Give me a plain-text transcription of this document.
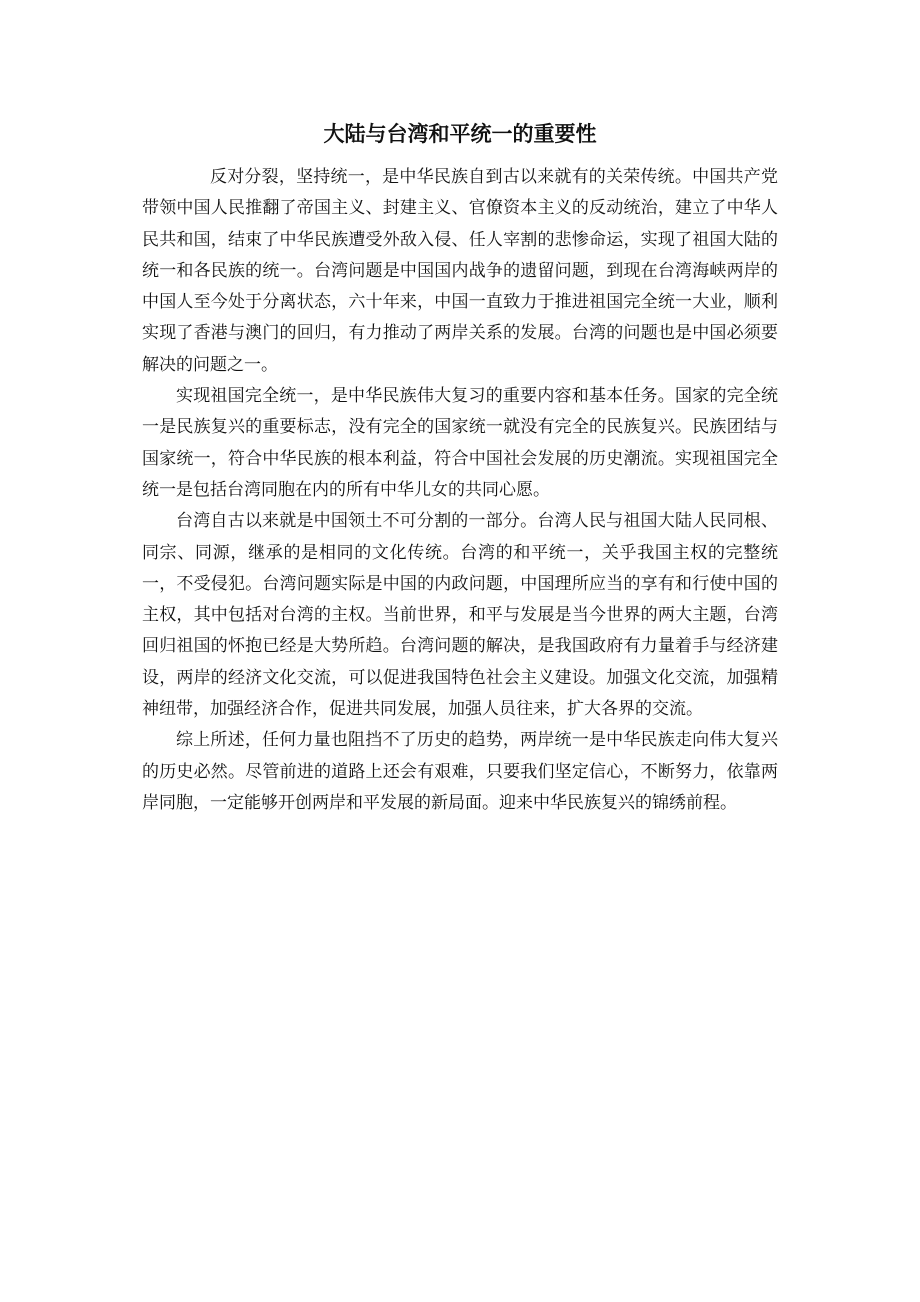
大陆与台湾和平统一的重要性

反对分裂，坚持统一，是中华民族自到古以来就有的关荣传统。中国共产党带领中国人民推翻了帝国主义、封建主义、官僚资本主义的反动统治，建立了中华人民共和国，结束了中华民族遭受外敌入侵、任人宰割的悲惨命运，实现了祖国大陆的统一和各民族的统一。台湾问题是中国国内战争的遗留问题，到现在台湾海峡两岸的中国人至今处于分离状态，六十年来，中国一直致力于推进祖国完全统一大业，顺利实现了香港与澳门的回归，有力推动了两岸关系的发展。台湾的问题也是中国必须要解决的问题之一。

实现祖国完全统一，是中华民族伟大复习的重要内容和基本任务。国家的完全统一是民族复兴的重要标志，没有完全的国家统一就没有完全的民族复兴。民族团结与国家统一，符合中华民族的根本利益，符合中国社会发展的历史潮流。实现祖国完全统一是包括台湾同胞在内的所有中华儿女的共同心愿。

台湾自古以来就是中国领土不可分割的一部分。台湾人民与祖国大陆人民同根、同宗、同源，继承的是相同的文化传统。台湾的和平统一，关乎我国主权的完整统一，不受侵犯。台湾问题实际是中国的内政问题，中国理所应当的享有和行使中国的主权，其中包括对台湾的主权。当前世界，和平与发展是当今世界的两大主题，台湾回归祖国的怀抱已经是大势所趋。台湾问题的解决，是我国政府有力量着手与经济建设，两岸的经济文化交流，可以促进我国特色社会主义建设。加强文化交流，加强精神纽带，加强经济合作，促进共同发展，加强人员往来，扩大各界的交流。

综上所述，任何力量也阻挡不了历史的趋势，两岸统一是中华民族走向伟大复兴的历史必然。尽管前进的道路上还会有艰难，只要我们坚定信心，不断努力，依靠两岸同胞，一定能够开创两岸和平发展的新局面。迎来中华民族复兴的锦绣前程。
